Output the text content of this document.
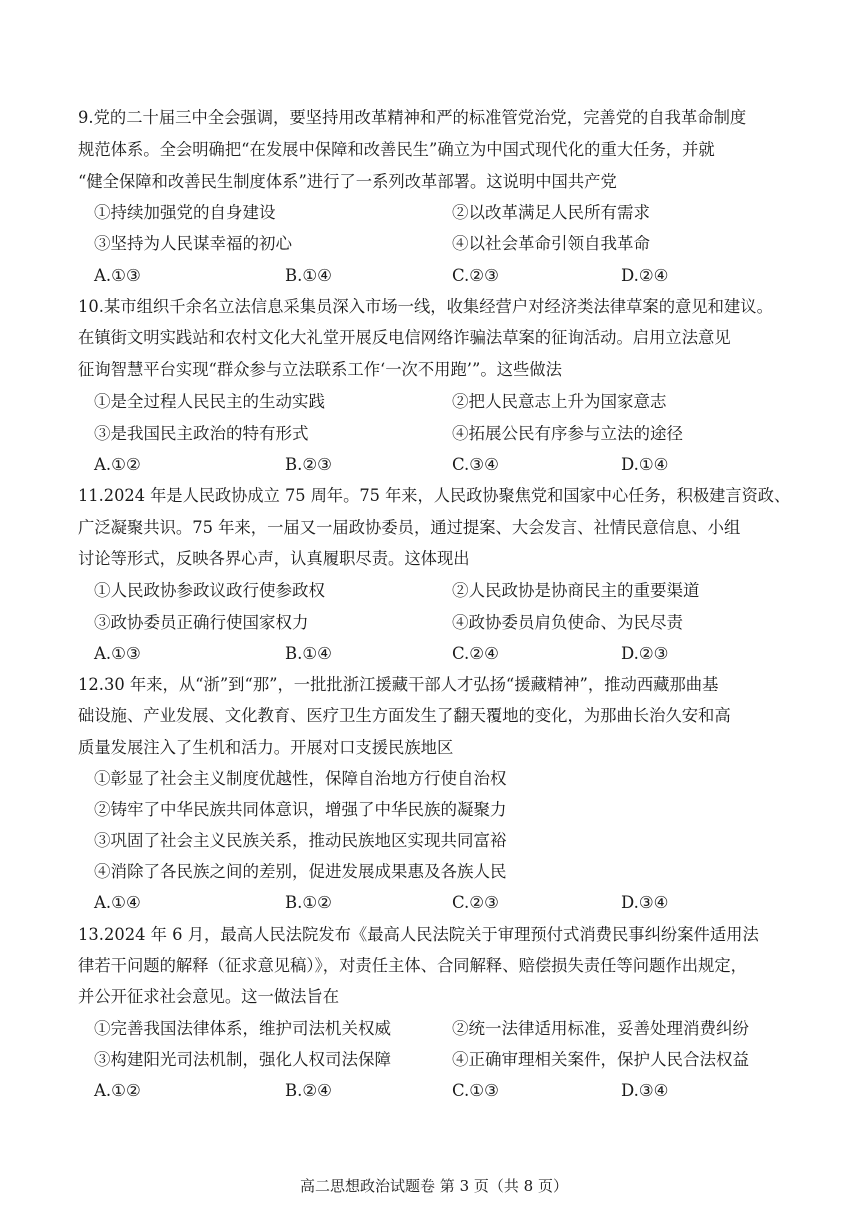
9.党的二十届三中全会强调，要坚持用改革精神和严的标准管党治党，完善党的自我革命制度
规范体系。全会明确把“在发展中保障和改善民生”确立为中国式现代化的重大任务，并就
“健全保障和改善民生制度体系”进行了一系列改革部署。这说明中国共产党
①持续加强党的自身建设	②以改革满足人民所有需求
③坚持为人民谋幸福的初心	④以社会革命引领自我革命
A.①③	B.①④	C.②③	D.②④
10.某市组织千余名立法信息采集员深入市场一线，收集经营户对经济类法律草案的意见和建议。
在镇街文明实践站和农村文化大礼堂开展反电信网络诈骗法草案的征询活动。启用立法意见
征询智慧平台实现“群众参与立法联系工作‘一次不用跑’”。这些做法
①是全过程人民民主的生动实践	②把人民意志上升为国家意志
③是我国民主政治的特有形式	④拓展公民有序参与立法的途径
A.①②	B.②③	C.③④	D.①④
11.2024 年是人民政协成立 75 周年。75 年来，人民政协聚焦党和国家中心任务，积极建言资政、
广泛凝聚共识。75 年来，一届又一届政协委员，通过提案、大会发言、社情民意信息、小组
讨论等形式，反映各界心声，认真履职尽责。这体现出
①人民政协参政议政行使参政权	②人民政协是协商民主的重要渠道
③政协委员正确行使国家权力	④政协委员肩负使命、为民尽责
A.①③	B.①④	C.②④	D.②③
12.30 年来，从“浙”到“那”，一批批浙江援藏干部人才弘扬“援藏精神”，推动西藏那曲基
础设施、产业发展、文化教育、医疗卫生方面发生了翻天覆地的变化，为那曲长治久安和高
质量发展注入了生机和活力。开展对口支援民族地区
①彰显了社会主义制度优越性，保障自治地方行使自治权
②铸牢了中华民族共同体意识，增强了中华民族的凝聚力
③巩固了社会主义民族关系，推动民族地区实现共同富裕
④消除了各民族之间的差别，促进发展成果惠及各族人民
A.①④	B.①②	C.②③	D.③④
13.2024 年 6 月，最高人民法院发布《最高人民法院关于审理预付式消费民事纠纷案件适用法
律若干问题的解释（征求意见稿）》，对责任主体、合同解释、赔偿损失责任等问题作出规定，
并公开征求社会意见。这一做法旨在
①完善我国法律体系，维护司法机关权威	②统一法律适用标准，妥善处理消费纠纷
③构建阳光司法机制，强化人权司法保障	④正确审理相关案件，保护人民合法权益
A.①②	B.②④	C.①③	D.③④
高二思想政治试题卷 第 3 页（共 8 页）
